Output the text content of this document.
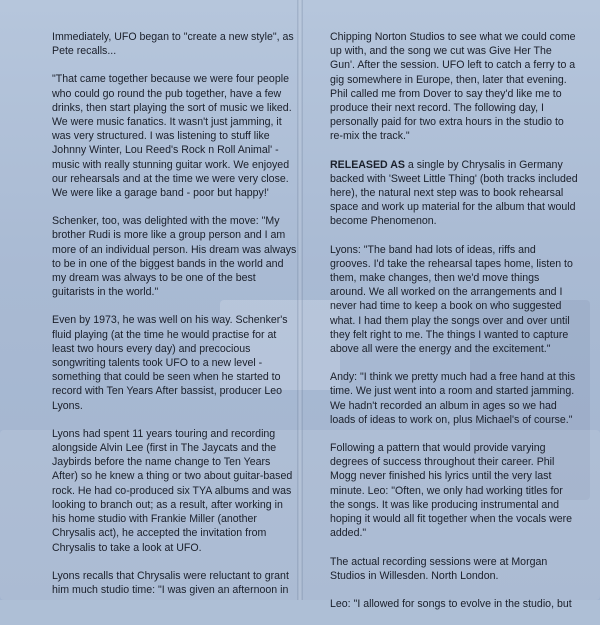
Immediately, UFO began to "create a new style", as Pete recalls...

"That came together because we were four people who could go round the pub together, have a few drinks, then start playing the sort of music we liked. We were music fanatics. It wasn't just jamming, it was very structured. I was listening to stuff like Johnny Winter, Lou Reed's Rock n Roll Animal' - music with really stunning guitar work. We enjoyed our rehearsals and at the time we were very close. We were like a garage band - poor but happy!'

Schenker, too, was delighted with the move: "My brother Rudi is more like a group person and I am more of an individual person. His dream was always to be in one of the biggest bands in the world and my dream was always to be one of the best guitarists in the world."

Even by 1973, he was well on his way. Schenker's fluid playing (at the time he would practise for at least two hours every day) and precocious songwriting talents took UFO to a new level - something that could be seen when he started to record with Ten Years After bassist, producer Leo Lyons.

Lyons had spent 11 years touring and recording alongside Alvin Lee (first in The Jaycats and the Jaybirds before the name change to Ten Years After) so he knew a thing or two about guitar-based rock. He had co-produced six TYA albums and was looking to branch out; as a result, after working in his home studio with Frankie Miller (another Chrysalis act), he accepted the invitation from Chrysalis to take a look at UFO.

Lyons recalls that Chrysalis were reluctant to grant him much studio time: "I was given an afternoon in

Chipping Norton Studios to see what we could come up with, and the song we cut was Give Her The Gun'. After the session. UFO left to catch a ferry to a gig somewhere in Europe, then, later that evening. Phil called me from Dover to say they'd like me to produce their next record. The following day, I personally paid for two extra hours in the studio to re-mix the track."

RELEASED AS a single by Chrysalis in Germany backed with 'Sweet Little Thing' (both tracks included here), the natural next step was to book rehearsal space and work up material for the album that would become Phenomenon.

Lyons: "The band had lots of ideas, riffs and grooves. I'd take the rehearsal tapes home, listen to them, make changes, then we'd move things around. We all worked on the arrangements and I never had time to keep a book on who suggested what. I had them play the songs over and over until they felt right to me. The things I wanted to capture above all were the energy and the excitement."

Andy: "I think we pretty much had a free hand at this time. We just went into a room and started jamming. We hadn't recorded an album in ages so we had loads of ideas to work on, plus Michael's of course."

Following a pattern that would provide varying degrees of success throughout their career. Phil Mogg never finished his lyrics until the very last minute. Leo: "Often, we only had working titles for the songs. It was like producing instrumental and hoping it would all fit together when the vocals were added."

The actual recording sessions were at Morgan Studios in Willesden. North London.

Leo: "I allowed for songs to evolve in the studio, but
